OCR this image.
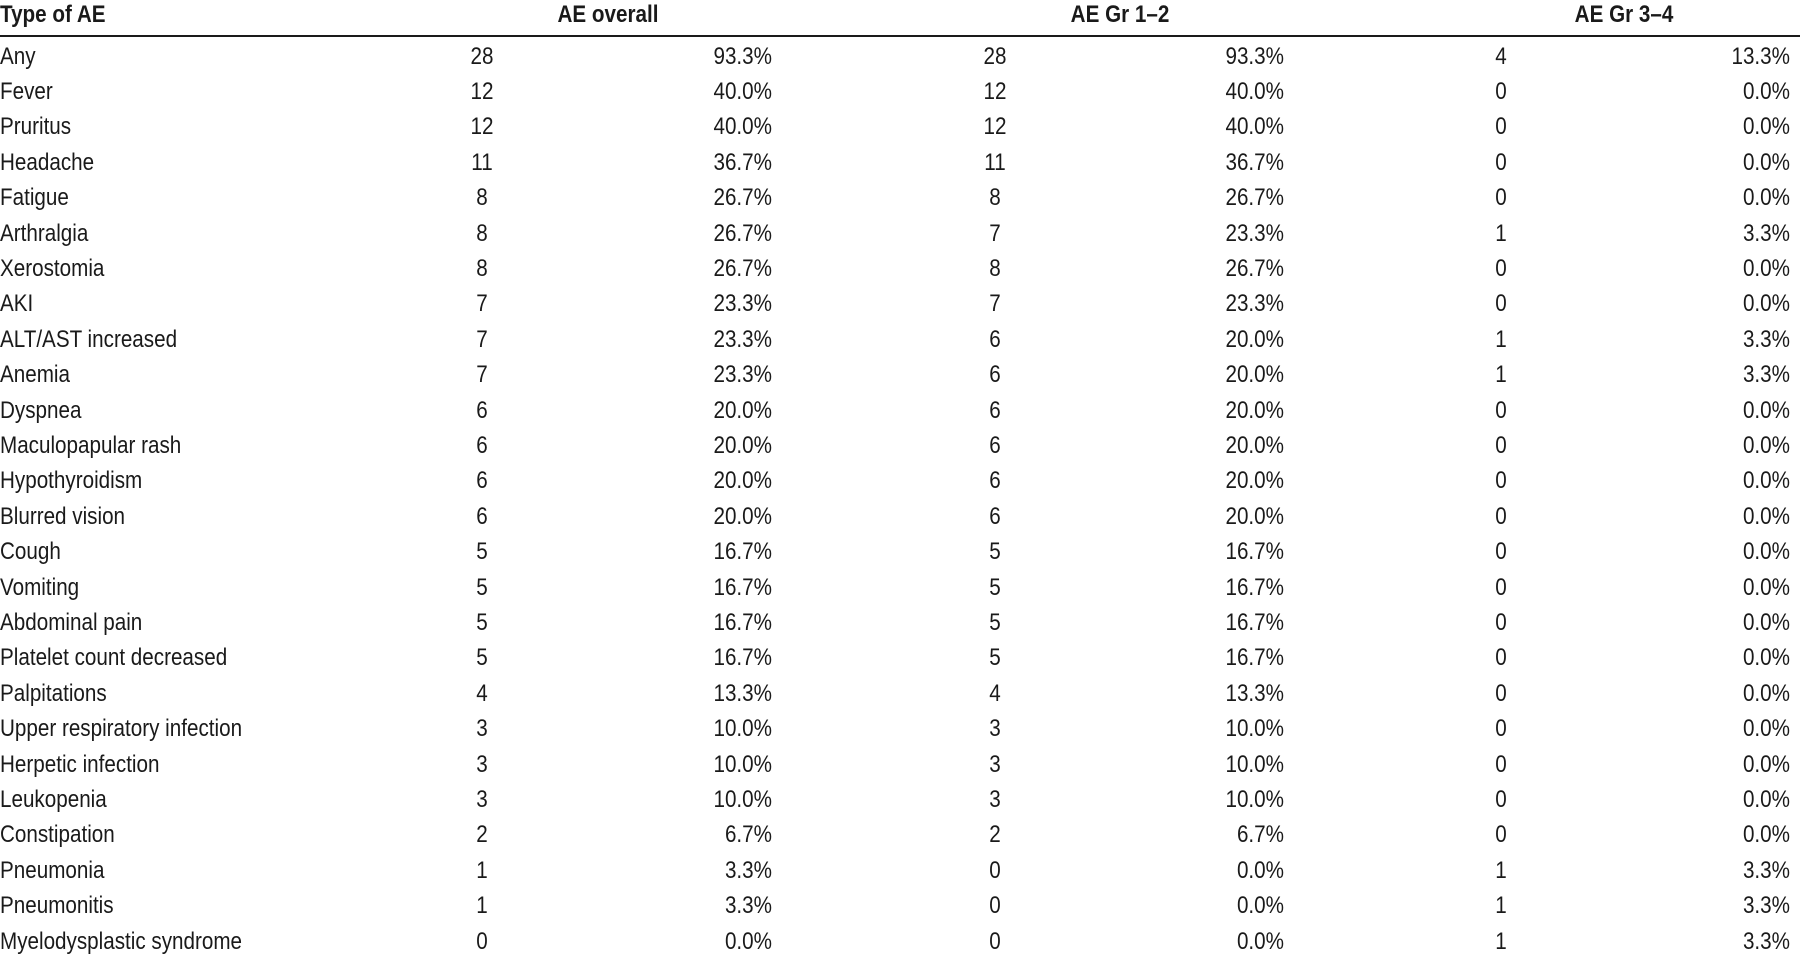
Type of AE	AE overall	AE Gr 1–2	AE Gr 3–4
Any	28	93.3%	28	93.3%	4	13.3%
Fever	12	40.0%	12	40.0%	0	0.0%
Pruritus	12	40.0%	12	40.0%	0	0.0%
Headache	11	36.7%	11	36.7%	0	0.0%
Fatigue	8	26.7%	8	26.7%	0	0.0%
Arthralgia	8	26.7%	7	23.3%	1	3.3%
Xerostomia	8	26.7%	8	26.7%	0	0.0%
AKI	7	23.3%	7	23.3%	0	0.0%
ALT/AST increased	7	23.3%	6	20.0%	1	3.3%
Anemia	7	23.3%	6	20.0%	1	3.3%
Dyspnea	6	20.0%	6	20.0%	0	0.0%
Maculopapular rash	6	20.0%	6	20.0%	0	0.0%
Hypothyroidism	6	20.0%	6	20.0%	0	0.0%
Blurred vision	6	20.0%	6	20.0%	0	0.0%
Cough	5	16.7%	5	16.7%	0	0.0%
Vomiting	5	16.7%	5	16.7%	0	0.0%
Abdominal pain	5	16.7%	5	16.7%	0	0.0%
Platelet count decreased	5	16.7%	5	16.7%	0	0.0%
Palpitations	4	13.3%	4	13.3%	0	0.0%
Upper respiratory infection	3	10.0%	3	10.0%	0	0.0%
Herpetic infection	3	10.0%	3	10.0%	0	0.0%
Leukopenia	3	10.0%	3	10.0%	0	0.0%
Constipation	2	6.7%	2	6.7%	0	0.0%
Pneumonia	1	3.3%	0	0.0%	1	3.3%
Pneumonitis	1	3.3%	0	0.0%	1	3.3%
Myelodysplastic syndrome	0	0.0%	0	0.0%	1	3.3%
